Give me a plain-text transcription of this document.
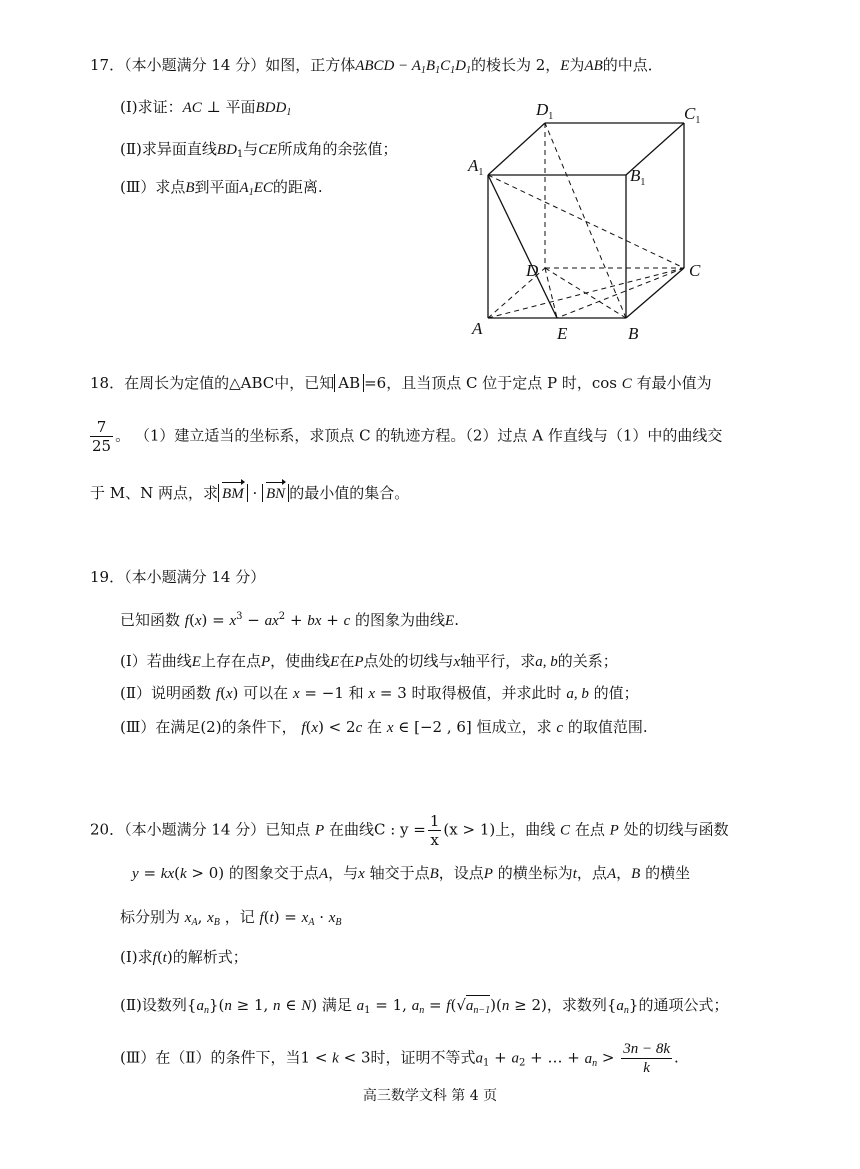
17．（本小题满分 14 分）如图，正方体ABCD − $A_1B_1C_1D_1$的棱长为 2，E为AB的中点．
(Ⅰ)求证：AC ⊥ 平面$BDD_1$
(Ⅱ)求异面直线$BD_1$与CE所成角的余弦值；
(Ⅲ）求点B到平面$A_1EC$的距离.
$D_1$	$C_1$
$A_1$	$B_1$
D	C
A	E	B
18．在周长为定值的△ABC中，已知 AB =6，且当顶点 C 位于定点 P 时，cos C 有最小值为
$\frac{7}{25}$ 。 （1）建立适当的坐标系，求顶点 C 的轨迹方程。（2）过点 A 作直线与（1）中的曲线交
于 M、N 两点，求 BM · BN 的最小值的集合。
19．（本小题满分 14 分）
已知函数 $f(x) = x^3 - ax^2$ + bx + c 的图象为曲线E.
(Ⅰ）若曲线E上存在点P，使曲线E在P点处的切线与x轴平行，求a, b的关系；
(Ⅱ）说明函数 f(x) 可以在 x = −1 和 x = 3 时取得极值，并求此时 a, b 的值；
(Ⅲ）在满足(2)的条件下， f(x) < 2c 在 x ∈ [−2 , 6] 恒成立，求 c 的取值范围.
20．（本小题满分 14 分）已知点 P 在曲线C : $y = \frac{1}{x} (x > 1)$上，曲线 C 在点 P 处的切线与函数
y = kx(k > 0) 的图象交于点A，与x 轴交于点B，设点P 的横坐标为t，点A，B 的横坐
标分别为 $x_A$, $x_B$ ，记 $f(t) = x_A \cdot x_B$
(Ⅰ)求f(t)的解析式；
(Ⅱ)设数列$\{a_n\}(n \ge 1$, n ∈ N) 满足 $a_1 = 1$, $a_n = f(√a_{n-1})(n \ge 2)$，求数列$\{a_n\}$的通项公式；
(Ⅲ）在（Ⅱ）的条件下，当1 < k < 3时，证明不等式$a_1 + a_2$ + … + $a_n > \frac{3n - 8k}{k}$ .
高三数学文科 第 4 页
